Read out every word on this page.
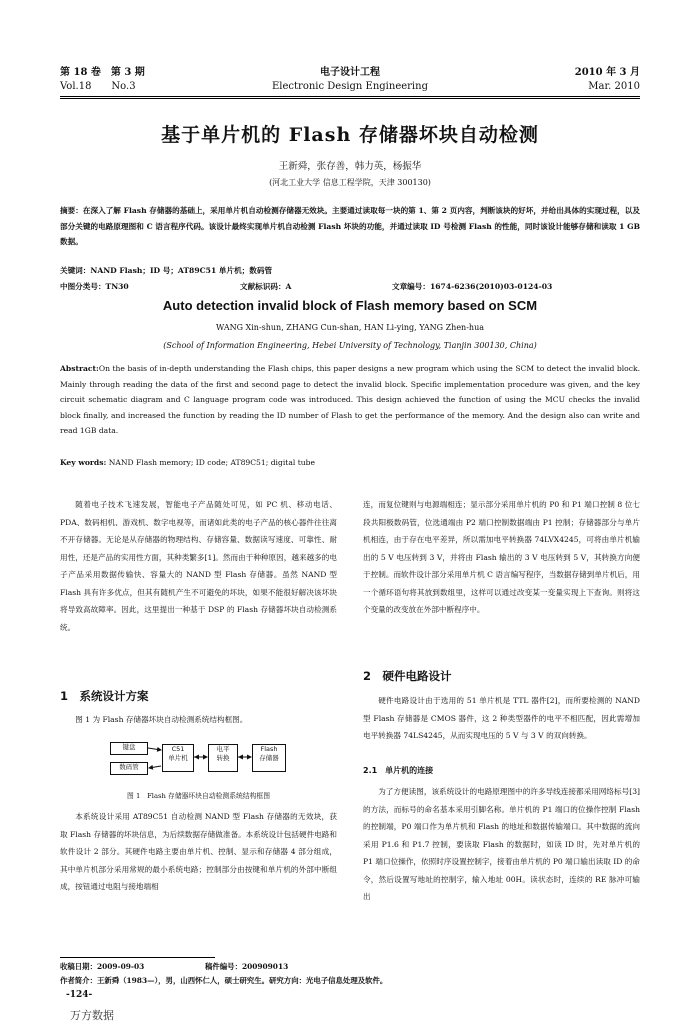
第 18 卷　第 3 期
Vol.18　　No.3
电子设计工程
Electronic Design Engineering
2010 年 3 月
Mar. 2010
基于单片机的 Flash 存储器坏块自动检测
王新舜，张存善，韩力英，杨振华
(河北工业大学 信息工程学院，天津 300130)
摘要：在深入了解 Flash 存储器的基础上，采用单片机自动检测存储器无效块。主要通过读取每一块的第 1、第 2 页内容，判断该块的好坏，并给出具体的实现过程，以及部分关键的电路原理图和 C 语言程序代码。该设计最终实现单片机自动检测 Flash 坏块的功能，并通过读取 ID 号检测 Flash 的性能，同时该设计能够存储和读取 1 GB 数据。
关键词：NAND Flash；ID 号；AT89C51 单片机；数码管
中图分类号：TN30	文献标识码：A	文章编号：1674-6236(2010)03-0124-03
Auto detection invalid block of Flash memory based on SCM
WANG Xin-shun, ZHANG Cun-shan, HAN Li-ying, YANG Zhen-hua
(School of Information Engineering, Hebei University of Technology, Tianjin 300130, China)
Abstract:On the basis of in-depth understanding the Flash chips, this paper designs a new program which using the SCM to detect the invalid block. Mainly through reading the data of the first and second page to detect the invalid block. Specific implementation procedure was given, and the key circuit schematic diagram and C language program code was introduced. This design achieved the function of using the MCU checks the invalid block finally, and increased the function by reading the ID number of Flash to get the performance of the memory. And the design also can write and read 1GB data.
Key words: NAND Flash memory; ID code; AT89C51; digital tube

随着电子技术飞速发展，智能电子产品随处可见，如 PC 机、移动电话、PDA、数码相机、游戏机、数字电视等，而诸如此类的电子产品的核心器件往往离不开存储器。无论是从存储器的物理结构、存储容量、数据读写速度、可靠性、耐用性，还是产品的实用性方面，其种类繁多[1]。然而由于种种原因，越来越多的电子产品采用数据传输快、容量大的 NAND 型 Flash 存储器。虽然 NAND 型 Flash 具有许多优点，但其有随机产生不可避免的坏块，如果不能很好解决该坏块将导致高故障率。因此，这里提出一种基于 DSP 的 Flash 存储器坏块自动检测系统。

1　系统设计方案

图 1 为 Flash 存储器坏块自动检测系统结构框图。

键盘
数码管
C51
单片机
电平
转换
Flash
存储器
图 1　Flash 存储器坏块自动检测系统结构框图

本系统设计采用 AT89C51 自动检测 NAND 型 Flash 存储器的无效块，获取 Flash 存储器的坏块信息，为后续数据存储做准备。本系统设计包括硬件电路和软件设计 2 部分。其硬件电路主要由单片机、控制、显示和存储器 4 部分组成，其中单片机部分采用常规的最小系统电路；控制部分由按键和单片机的外部中断组成，按钮通过电阻与接地端相

连，而复位键则与电源端相连；显示部分采用单片机的 P0 和 P1 端口控制 8 位七段共阳极数码管，位选通端由 P2 端口控制数据端由 P1 控制；存储器部分与单片机相连，由于存在电平差异，所以需加电平转换器 74LVX4245，可将由单片机输出的 5 V 电压转到 3 V，并将由 Flash 输出的 3 V 电压转到 5 V，其转换方向便于控制。而软件设计部分采用单片机 C 语言编写程序，当数据存储到单片机后，用一个循环语句将其放到数组里，这样可以通过改变某一变量实现上下查询。则将这个变量的改变放在外部中断程序中。

2　硬件电路设计

硬件电路设计由于选用的 51 单片机是 TTL 器件[2]，而所要检测的 NAND 型 Flash 存储器是 CMOS 器件，这 2 种类型器件的电平不相匹配，因此需增加电平转换器 74LS4245，从而实现电压的 5 V 与 3 V 的双向转换。

2.1　单片机的连接

为了方便读图，该系统设计的电路原理图中的许多导线连接都采用网络标号[3]的方法，而标号的命名基本采用引脚名称。单片机的 P1 端口的位操作控制 Flash 的控制端，P0 端口作为单片机和 Flash 的地址和数据传输端口。其中数据的流向采用 P1.6 和 P1.7 控制，要读取 Flash 的数据时，如读 ID 时，先对单片机的 P1 端口位操作，依照时序设置控制字，接着由单片机的 P0 端口输出读取 ID 的命令，然后设置写地址的控制字，输入地址 00H。读状态时，连续的 RE 脉冲可输出

收稿日期：2009-09-03	稿件编号：200909013
作者简介：王新舜（1983—），男，山西怀仁人，硕士研究生。研究方向：光电子信息处理及软件。
-124-
万方数据
